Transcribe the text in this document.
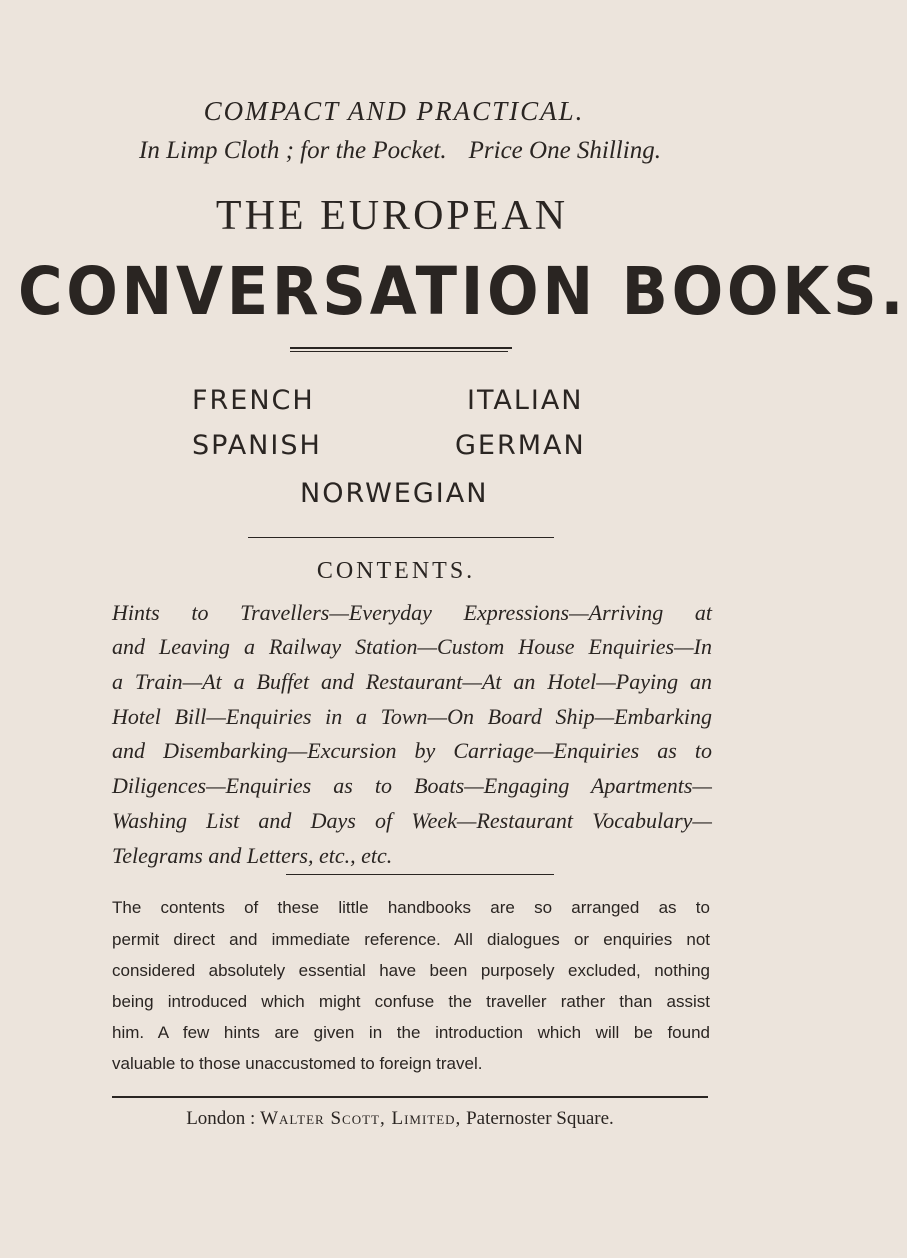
COMPACT AND PRACTICAL.
In Limp Cloth ; for the Pocket. Price One Shilling.
THE EUROPEAN
CONVERSATION BOOKS.
FRENCH	ITALIAN
SPANISH	GERMAN
NORWEGIAN
CONTENTS.
Hints to Travellers—Everyday Expressions—Arriving at
and Leaving a Railway Station—Custom House Enquiries—In
a Train—At a Buffet and Restaurant—At an Hotel—Paying an
Hotel Bill—Enquiries in a Town—On Board Ship—Embarking
and Disembarking—Excursion by Carriage—Enquiries as to
Diligences—Enquiries as to Boats—Engaging Apartments—
Washing List and Days of Week—Restaurant Vocabulary—
Telegrams and Letters, etc., etc.
The contents of these little handbooks are so arranged as to
permit direct and immediate reference. All dialogues or enquiries not
considered absolutely essential have been purposely excluded, nothing
being introduced which might confuse the traveller rather than assist
him. A few hints are given in the introduction which will be found
valuable to those unaccustomed to foreign travel.
London : Walter Scott, Limited, Paternoster Square.
